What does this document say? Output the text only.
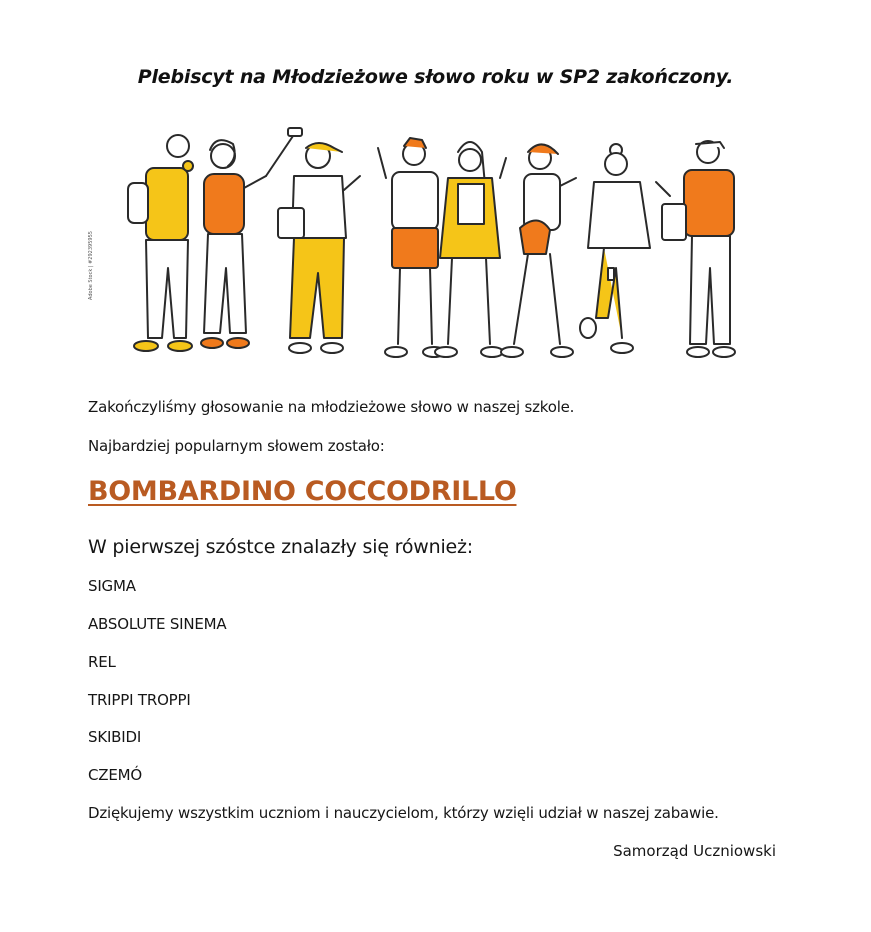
Plebiscyt na Młodzieżowe słowo roku w SP2 zakończony.
Adobe Stock | #292395955
Zakończyliśmy głosowanie na młodzieżowe słowo w naszej szkole.
Najbardziej popularnym słowem zostało:
BOMBARDINO COCCODRILLO
W pierwszej szóstce znalazły się również:
SIGMA
ABSOLUTE SINEMA
REL
TRIPPI TROPPI
SKIBIDI
CZEMÓ
Dziękujemy wszystkim uczniom i nauczycielom, którzy wzięli udział w naszej zabawie.
Samorząd Uczniowski
